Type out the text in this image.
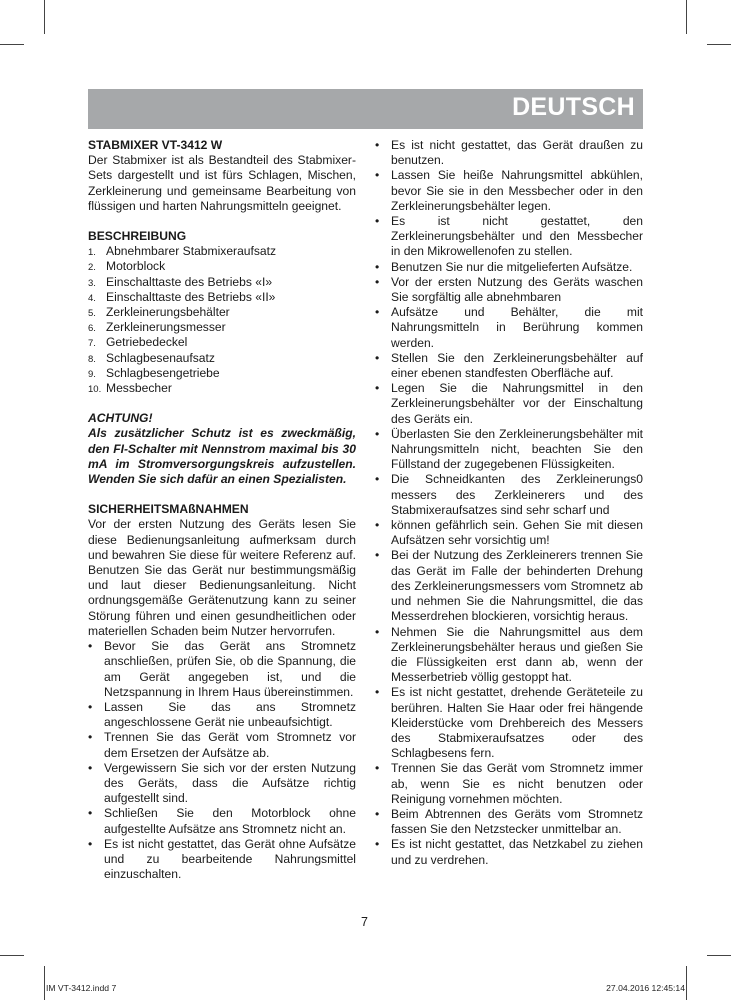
DEUTSCH

STABMIXER VT-3412 W

Der Stabmixer ist als Bestandteil des Stabmixer-Sets dargestellt und ist fürs Schlagen, Mischen, Zerkleinerung und gemeinsame Bearbeitung von flüssigen und harten Nahrungsmitteln geeignet.

BESCHREIBUNG

1. Abnehmbarer Stabmixeraufsatz
2. Motorblock
3. Einschalttaste des Betriebs «I»
4. Einschalttaste des Betriebs «II»
5. Zerkleinerungsbehälter
6. Zerkleinerungsmesser
7. Getriebedeckel
8. Schlagbesenaufsatz
9. Schlagbesengetriebe
10. Messbecher

ACHTUNG!

Als zusätzlicher Schutz ist es zweckmäßig, den FI-Schalter mit Nennstrom maximal bis 30 mA im Stromversorgungskreis aufzustellen. Wenden Sie sich dafür an einen Spezialisten.

SICHERHEITSMAßNAHMEN

Vor der ersten Nutzung des Geräts lesen Sie diese Bedienungsanleitung aufmerksam durch und bewahren Sie diese für weitere Referenz auf. Benutzen Sie das Gerät nur bestimmungsmäßig und laut dieser Bedienungsanleitung. Nicht ordnungsgemäße Gerätenutzung kann zu seiner Störung führen und einen gesundheitlichen oder materiellen Schaden beim Nutzer hervorrufen.

• Bevor Sie das Gerät ans Stromnetz anschließen, prüfen Sie, ob die Spannung, die am Gerät angegeben ist, und die Netzspannung in Ihrem Haus übereinstimmen.
• Lassen Sie das ans Stromnetz angeschlossene Gerät nie unbeaufsichtigt.
• Trennen Sie das Gerät vom Stromnetz vor dem Ersetzen der Aufsätze ab.
• Vergewissern Sie sich vor der ersten Nutzung des Geräts, dass die Aufsätze richtig aufgestellt sind.
• Schließen Sie den Motorblock ohne aufgestellte Aufsätze ans Stromnetz nicht an.
• Es ist nicht gestattet, das Gerät ohne Aufsätze und zu bearbeitende Nahrungsmittel einzuschalten.
• Es ist nicht gestattet, das Gerät draußen zu benutzen.
• Lassen Sie heiße Nahrungsmittel abkühlen, bevor Sie sie in den Messbecher oder in den Zerkleinerungsbehälter legen.
• Es ist nicht gestattet, den Zerkleinerungsbehälter und den Messbecher in den Mikrowellenofen zu stellen.
• Benutzen Sie nur die mitgelieferten Aufsätze.
• Vor der ersten Nutzung des Geräts waschen Sie sorgfältig alle abnehmbaren
• Aufsätze und Behälter, die mit Nahrungsmitteln in Berührung kommen werden.
• Stellen Sie den Zerkleinerungsbehälter auf einer ebenen standfesten Oberfläche auf.
• Legen Sie die Nahrungsmittel in den Zerkleinerungsbehälter vor der Einschaltung des Geräts ein.
• Überlasten Sie den Zerkleinerungsbehälter mit Nahrungsmitteln nicht, beachten Sie den Füllstand der zugegebenen Flüssigkeiten.
• Die Schneidkanten des Zerkleinerungs0 messers des Zerkleinerers und des Stabmixeraufsatzes sind sehr scharf und
• können gefährlich sein. Gehen Sie mit diesen Aufsätzen sehr vorsichtig um!
• Bei der Nutzung des Zerkleinerers trennen Sie das Gerät im Falle der behinderten Drehung des Zerkleinerungsmessers vom Stromnetz ab und nehmen Sie die Nahrungsmittel, die das Messerdrehen blockieren, vorsichtig heraus.
• Nehmen Sie die Nahrungsmittel aus dem Zerkleinerungsbehälter heraus und gießen Sie die Flüssigkeiten erst dann ab, wenn der Messerbetrieb völlig gestoppt hat.
• Es ist nicht gestattet, drehende Geräteteile zu berühren. Halten Sie Haar oder frei hängende Kleiderstücke vom Drehbereich des Messers des Stabmixeraufsatzes oder des Schlagbesens fern.
• Trennen Sie das Gerät vom Stromnetz immer ab, wenn Sie es nicht benutzen oder Reinigung vornehmen möchten.
• Beim Abtrennen des Geräts vom Stromnetz fassen Sie den Netzstecker unmittelbar an.
• Es ist nicht gestattet, das Netzkabel zu ziehen und zu verdrehen.
7
IM VT-3412.indd 7	27.04.2016 12:45:14
